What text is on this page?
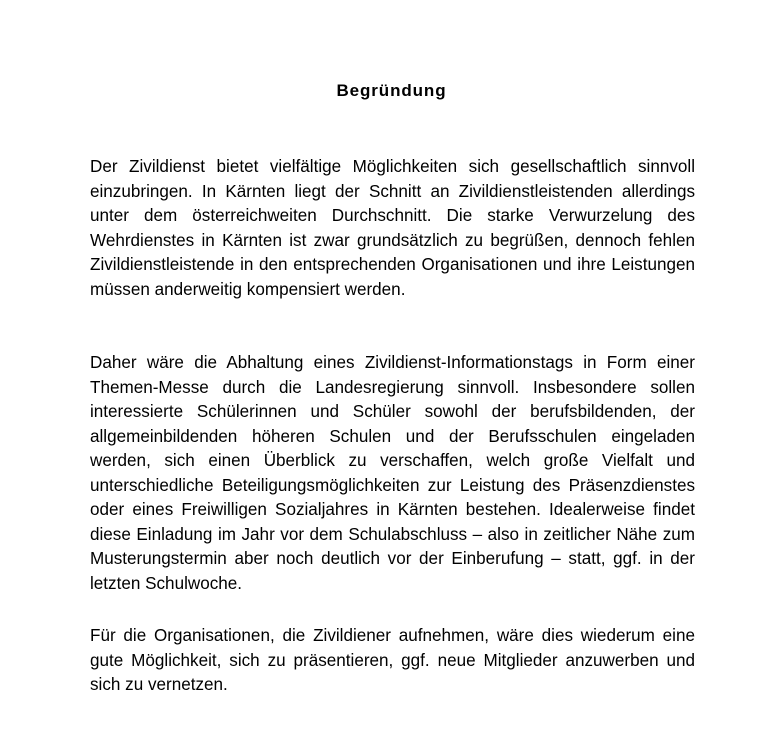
Begründung

Der Zivildienst bietet vielfältige Möglichkeiten sich gesellschaftlich sinnvoll einzubringen. In Kärnten liegt der Schnitt an Zivildienstleistenden allerdings unter dem österreichweiten Durchschnitt. Die starke Verwurzelung des Wehrdienstes in Kärnten ist zwar grundsätzlich zu begrüßen, dennoch fehlen Zivildienstleistende in den entsprechenden Organisationen und ihre Leistungen müssen anderweitig kompensiert werden.

Daher wäre die Abhaltung eines Zivildienst-Informationstags in Form einer Themen-Messe durch die Landesregierung sinnvoll. Insbesondere sollen interessierte Schülerinnen und Schüler sowohl der berufsbildenden, der allgemeinbildenden höheren Schulen und der Berufsschulen eingeladen werden, sich einen Überblick zu verschaffen, welch große Vielfalt und unterschiedliche Beteiligungsmöglichkeiten zur Leistung des Präsenzdienstes oder eines Freiwilligen Sozialjahres in Kärnten bestehen. Idealerweise findet diese Einladung im Jahr vor dem Schulabschluss – also in zeitlicher Nähe zum Musterungstermin aber noch deutlich vor der Einberufung – statt, ggf. in der letzten Schulwoche.

Für die Organisationen, die Zivildiener aufnehmen, wäre dies wiederum eine gute Möglichkeit, sich zu präsentieren, ggf. neue Mitglieder anzuwerben und sich zu vernetzen.
